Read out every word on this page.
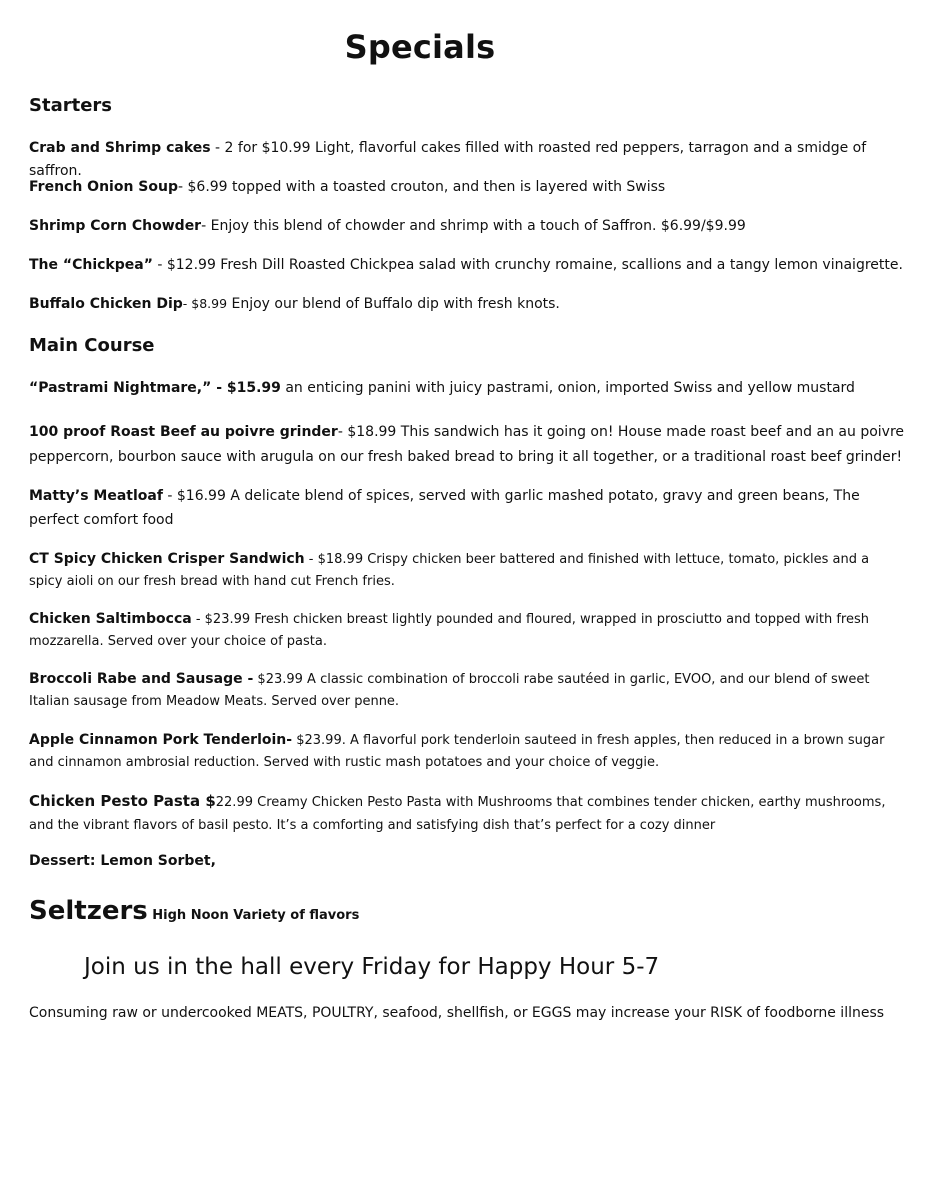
Specials
Starters
Crab and Shrimp cakes - 2 for $10.99 Light, flavorful cakes filled with roasted red peppers, tarragon and a smidge of saffron.
French Onion Soup- $6.99 topped with a toasted crouton, and then is layered with Swiss
Shrimp Corn Chowder- Enjoy this blend of chowder and shrimp with a touch of Saffron. $6.99/$9.99
The “Chickpea” - $12.99 Fresh Dill Roasted Chickpea salad with crunchy romaine, scallions and a tangy lemon vinaigrette.
Buffalo Chicken Dip- $8.99 Enjoy our blend of Buffalo dip with fresh knots.
Main Course
“Pastrami Nightmare,” - $15.99 an enticing panini with juicy pastrami, onion, imported Swiss and yellow mustard
100 proof Roast Beef au poivre grinder- $18.99 This sandwich has it going on! House made roast beef and an au poivre peppercorn, bourbon sauce with arugula on our fresh baked bread to bring it all together, or a traditional roast beef grinder!
Matty’s Meatloaf - $16.99 A delicate blend of spices, served with garlic mashed potato, gravy and green beans, The perfect comfort food
CT Spicy Chicken Crisper Sandwich - $18.99 Crispy chicken beer battered and finished with lettuce, tomato, pickles and a spicy aioli on our fresh bread with hand cut French fries.
Chicken Saltimbocca - $23.99 Fresh chicken breast lightly pounded and floured, wrapped in prosciutto and topped with fresh mozzarella. Served over your choice of pasta.
Broccoli Rabe and Sausage - $23.99 A classic combination of broccoli rabe sautéed in garlic, EVOO, and our blend of sweet Italian sausage from Meadow Meats. Served over penne.
Apple Cinnamon Pork Tenderloin- $23.99. A flavorful pork tenderloin sauteed in fresh apples, then reduced in a brown sugar and cinnamon ambrosial reduction. Served with rustic mash potatoes and your choice of veggie.
Chicken Pesto Pasta $22.99 Creamy Chicken Pesto Pasta with Mushrooms that combines tender chicken, earthy mushrooms, and the vibrant flavors of basil pesto. It’s a comforting and satisfying dish that’s perfect for a cozy dinner
Dessert: Lemon Sorbet,
Seltzers High Noon Variety of flavors
Join us in the hall every Friday for Happy Hour 5-7
Consuming raw or undercooked MEATS, POULTRY, seafood, shellfish, or EGGS may increase your RISK of foodborne illness
